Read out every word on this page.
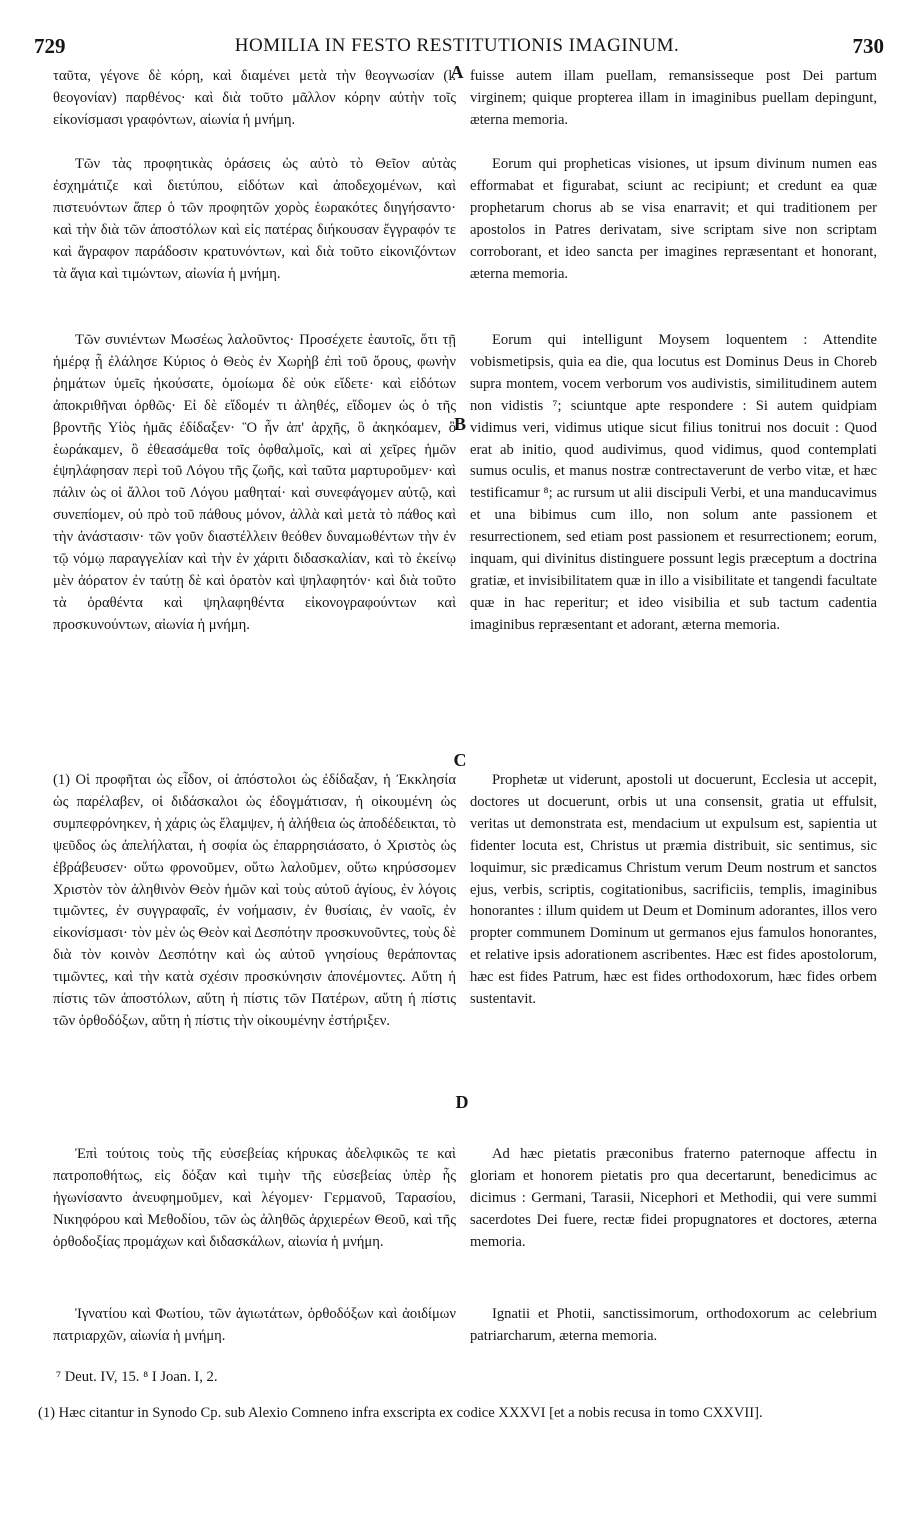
729	HOMILIA IN FESTO RESTITUTIONIS IMAGINUM.	730

ταῦτα, γέγονε δὲ κόρη, καὶ διαμένει μετὰ τὴν θεογνωσίαν (l. θεογονίαν) παρθένος· καὶ διὰ τοῦτο μᾶλλον κόρην αὐτὴν τοῖς εἰκονίσμασι γραφόντων, αἰωνία ἡ μνήμη.

Τῶν τὰς προφητικὰς ὁράσεις ὡς αὐτὸ τὸ Θεῖον αὐτὰς ἐσχημάτιζε καὶ διετύπου, εἰδότων καὶ ἀποδεχομένων, καὶ πιστευόντων ἅπερ ὁ τῶν προφητῶν χορὸς ἑωρακότες διηγήσαντο· καὶ τὴν διὰ τῶν ἀποστόλων καὶ εἰς πατέρας διήκουσαν ἔγγραφόν τε καὶ ἄγραφον παράδοσιν κρατυνόντων, καὶ διὰ τοῦτο εἰκονιζόντων τὰ ἅγια καὶ τιμώντων, αἰωνία ἡ μνήμη.

Τῶν συνιέντων Μωσέως λαλοῦντος· Προσέχετε ἑαυτοῖς, ὅτι τῇ ἡμέρᾳ ᾗ ἐλάλησε Κύριος ὁ Θεὸς ἐν Χωρὴβ ἐπὶ τοῦ ὄρους, φωνὴν ῥημάτων ὑμεῖς ἠκούσατε, ὁμοίωμα δὲ οὐκ εἴδετε· καὶ εἰδότων ἀποκριθῆναι ὀρθῶς· Εἰ δὲ εἴδομέν τι ἀληθές, εἴδομεν ὡς ὁ τῆς βροντῆς Υἱὸς ἡμᾶς ἐδίδαξεν· Ὃ ἦν ἀπ' ἀρχῆς, ὃ ἀκηκόαμεν, ὃ ἑωράκαμεν, ὃ ἐθεασάμεθα τοῖς ὀφθαλμοῖς, καὶ αἱ χεῖρες ἡμῶν ἐψηλάφησαν περὶ τοῦ Λόγου τῆς ζωῆς, καὶ ταῦτα μαρτυροῦμεν· καὶ πάλιν ὡς οἱ ἄλλοι τοῦ Λόγου μαθηταί· καὶ συνεφάγομεν αὐτῷ, καὶ συνεπίομεν, οὐ πρὸ τοῦ πάθους μόνον, ἀλλὰ καὶ μετὰ τὸ πάθος καὶ τὴν ἀνάστασιν· τῶν γοῦν διαστέλλειν θεόθεν δυναμωθέντων τὴν ἐν τῷ νόμῳ παραγγελίαν καὶ τὴν ἐν χάριτι διδασκαλίαν, καὶ τὸ ἐκείνῳ μὲν ἀόρατον ἐν ταύτῃ δὲ καὶ ὁρατὸν καὶ ψηλαφητόν· καὶ διὰ τοῦτο τὰ ὁραθέντα καὶ ψηλαφηθέντα εἰκονογραφούντων καὶ προσκυνούντων, αἰωνία ἡ μνήμη.

(1) Οἱ προφῆται ὡς εἶδον, οἱ ἀπόστολοι ὡς ἐδίδαξαν, ἡ Ἐκκλησία ὡς παρέλαβεν, οἱ διδάσκαλοι ὡς ἐδογμάτισαν, ἡ οἰκουμένη ὡς συμπεφρόνηκεν, ἡ χάρις ὡς ἔλαμψεν, ἡ ἀλήθεια ὡς ἀποδέδεικται, τὸ ψεῦδος ὡς ἀπελήλαται, ἡ σοφία ὡς ἐπαρρησιάσατο, ὁ Χριστὸς ὡς ἐβράβευσεν· οὕτω φρονοῦμεν, οὕτω λαλοῦμεν, οὕτω κηρύσσομεν Χριστὸν τὸν ἀληθινὸν Θεὸν ἡμῶν καὶ τοὺς αὐτοῦ ἁγίους, ἐν λόγοις τιμῶντες, ἐν συγγραφαῖς, ἐν νοήμασιν, ἐν θυσίαις, ἐν ναοῖς, ἐν εἰκονίσμασι· τὸν μὲν ὡς Θεὸν καὶ Δεσπότην προσκυνοῦντες, τοὺς δὲ διὰ τὸν κοινὸν Δεσπότην καὶ ὡς αὐτοῦ γνησίους θεράποντας τιμῶντες, καὶ τὴν κατὰ σχέσιν προσκύνησιν ἀπονέμοντες. Αὕτη ἡ πίστις τῶν ἀποστόλων, αὕτη ἡ πίστις τῶν Πατέρων, αὕτη ἡ πίστις τῶν ὀρθοδόξων, αὕτη ἡ πίστις τὴν οἰκουμένην ἐστήριξεν.

Ἐπὶ τούτοις τοὺς τῆς εὐσεβείας κήρυκας ἀδελφικῶς τε καὶ πατροποθήτως, εἰς δόξαν καὶ τιμὴν τῆς εὐσεβείας ὑπὲρ ἧς ἠγωνίσαντο ἀνευφημοῦμεν, καὶ λέγομεν· Γερμανοῦ, Ταρασίου, Νικηφόρου καὶ Μεθοδίου, τῶν ὡς ἀληθῶς ἀρχιερέων Θεοῦ, καὶ τῆς ὀρθοδοξίας προμάχων καὶ διδασκάλων, αἰωνία ἡ μνήμη.

Ἰγνατίου καὶ Φωτίου, τῶν ἁγιωτάτων, ὀρθοδόξων καὶ ἀοιδίμων πατριαρχῶν, αἰωνία ἡ μνήμη.

A
B
C
D

fuisse autem illam puellam, remansisseque post Dei partum virginem; quique propterea illam in imaginibus puellam depingunt, æterna memoria.

Eorum qui propheticas visiones, ut ipsum divinum numen eas efformabat et figurabat, sciunt ac recipiunt; et credunt ea quæ prophetarum chorus ab se visa enarravit; et qui traditionem per apostolos in Patres derivatam, sive scriptam sive non scriptam corroborant, et ideo sancta per imagines repræsentant et honorant, æterna memoria.

Eorum qui intelligunt Moysem loquentem : Attendite vobismetipsis, quia ea die, qua locutus est Dominus Deus in Choreb supra montem, vocem verborum vos audivistis, similitudinem autem non vidistis ⁷; sciuntque apte respondere : Si autem quidpiam vidimus veri, vidimus utique sicut filius tonitrui nos docuit : Quod erat ab initio, quod audivimus, quod vidimus, quod contemplati sumus oculis, et manus nostræ contrectaverunt de verbo vitæ, et hæc testificamur ⁸; ac rursum ut alii discipuli Verbi, et una manducavimus et una bibimus cum illo, non solum ante passionem et resurrectionem, sed etiam post passionem et resurrectionem; eorum, inquam, qui divinitus distinguere possunt legis præceptum a doctrina gratiæ, et invisibilitatem quæ in illo a visibilitate et tangendi facultate quæ in hac reperitur; et ideo visibilia et sub tactum cadentia imaginibus repræsentant et adorant, æterna memoria.

Prophetæ ut viderunt, apostoli ut docuerunt, Ecclesia ut accepit, doctores ut docuerunt, orbis ut una consensit, gratia ut effulsit, veritas ut demonstrata est, mendacium ut expulsum est, sapientia ut fidenter locuta est, Christus ut præmia distribuit, sic sentimus, sic loquimur, sic prædicamus Christum verum Deum nostrum et sanctos ejus, verbis, scriptis, cogitationibus, sacrificiis, templis, imaginibus honorantes : illum quidem ut Deum et Dominum adorantes, illos vero propter communem Dominum ut germanos ejus famulos honorantes, et relative ipsis adorationem ascribentes. Hæc est fides apostolorum, hæc est fides Patrum, hæc est fides orthodoxorum, hæc fides orbem sustentavit.

Ad hæc pietatis præconibus fraterno paternoque affectu in gloriam et honorem pietatis pro qua decertarunt, benedicimus ac dicimus : Germani, Tarasii, Nicephori et Methodii, qui vere summi sacerdotes Dei fuere, rectæ fidei propugnatores et doctores, æterna memoria.

Ignatii et Photii, sanctissimorum, orthodoxorum ac celebrium patriarcharum, æterna memoria.

⁷ Deut. IV, 15. ⁸ I Joan. I, 2.
(1) Hæc citantur in Synodo Cp. sub Alexio Comneno infra exscripta ex codice XXXVI [et a nobis recusa in tomo CXXVII].
